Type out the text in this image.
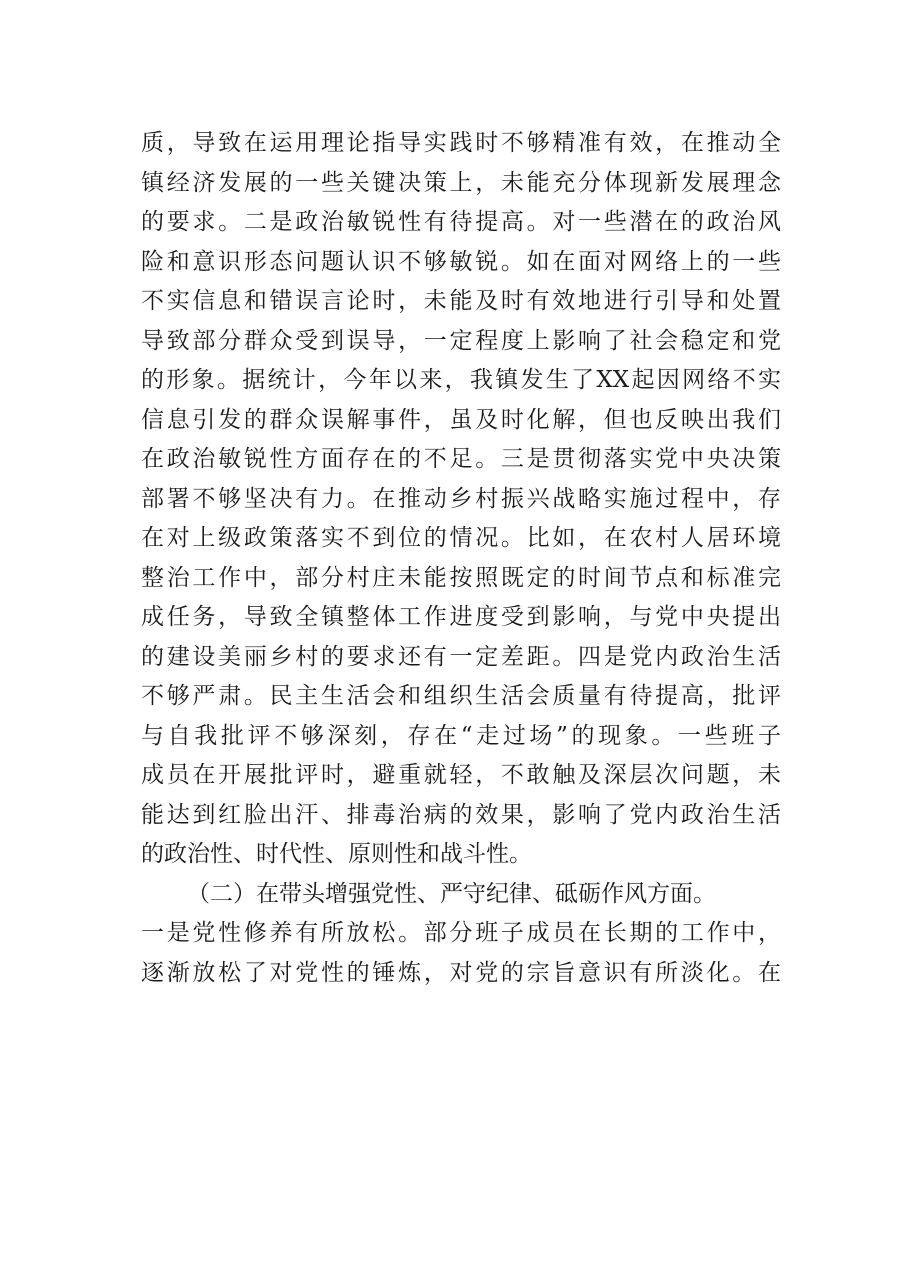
质，导致在运用理论指导实践时不够精准有效，在推动全
镇经济发展的一些关键决策上，未能充分体现新发展理念
的要求。二是政治敏锐性有待提高。对一些潜在的政治风
险和意识形态问题认识不够敏锐。如在面对网络上的一些
不实信息和错误言论时，未能及时有效地进行引导和处置
导致部分群众受到误导，一定程度上影响了社会稳定和党
的形象。据统计，今年以来，我镇发生了XX起因网络不实
信息引发的群众误解事件，虽及时化解，但也反映出我们
在政治敏锐性方面存在的不足。三是贯彻落实党中央决策
部署不够坚决有力。在推动乡村振兴战略实施过程中，存
在对上级政策落实不到位的情况。比如，在农村人居环境
整治工作中，部分村庄未能按照既定的时间节点和标准完
成任务，导致全镇整体工作进度受到影响，与党中央提出
的建设美丽乡村的要求还有一定差距。四是党内政治生活
不够严肃。民主生活会和组织生活会质量有待提高，批评
与自我批评不够深刻，存在“走过场”的现象。一些班子
成员在开展批评时，避重就轻，不敢触及深层次问题，未
能达到红脸出汗、排毒治病的效果，影响了党内政治生活
的政治性、时代性、原则性和战斗性。
（二）在带头增强党性、严守纪律、砥砺作风方面。
一是党性修养有所放松。部分班子成员在长期的工作中，
逐渐放松了对党性的锤炼，对党的宗旨意识有所淡化。在
